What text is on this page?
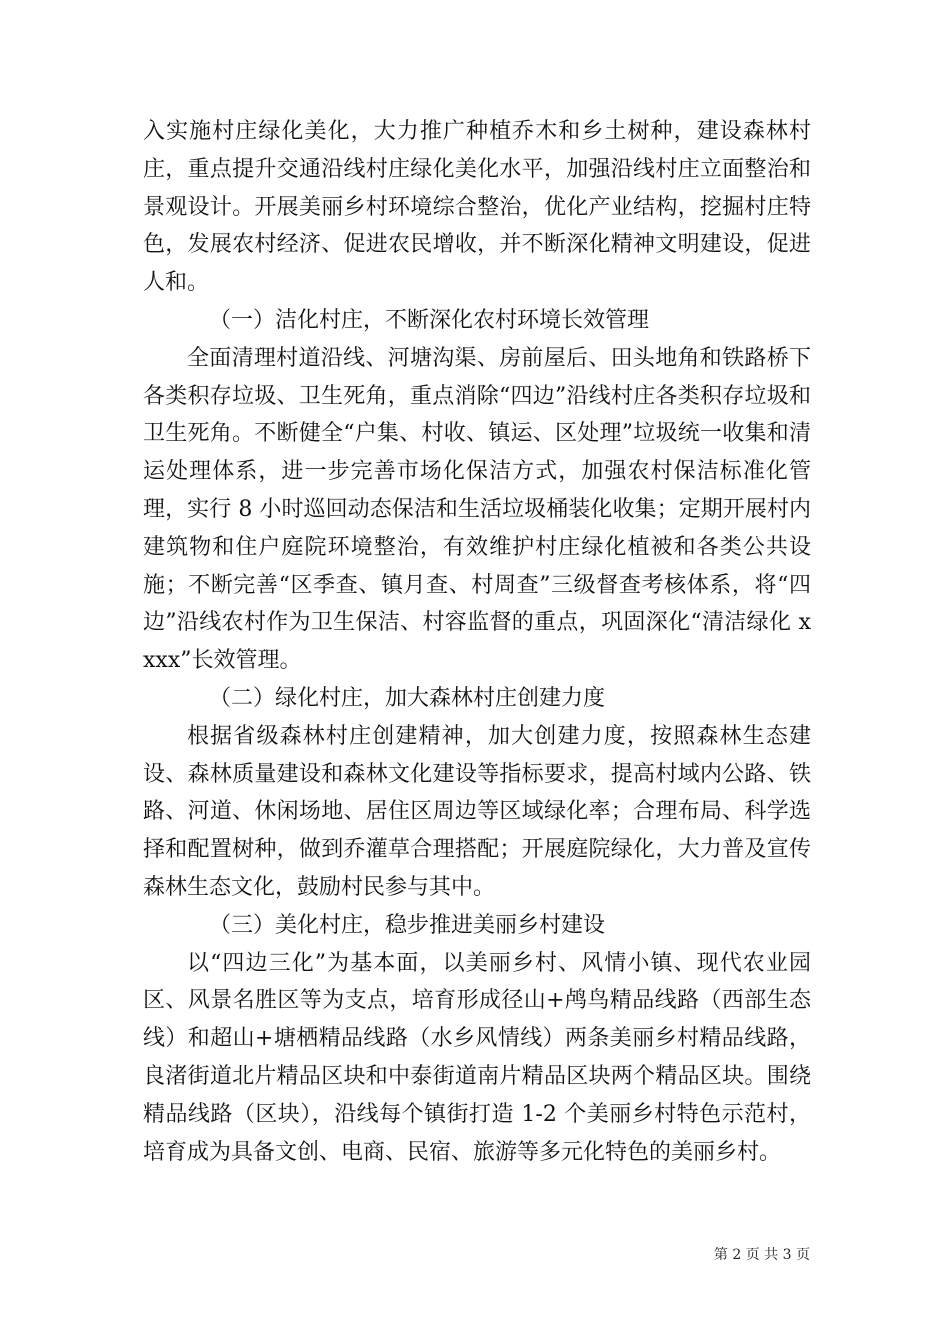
入实施村庄绿化美化，大力推广种植乔木和乡土树种，建设森林村庄，重点提升交通沿线村庄绿化美化水平，加强沿线村庄立面整治和景观设计。开展美丽乡村环境综合整治，优化产业结构，挖掘村庄特色，发展农村经济、促进农民增收，并不断深化精神文明建设，促进人和。

（一）洁化村庄，不断深化农村环境长效管理

全面清理村道沿线、河塘沟渠、房前屋后、田头地角和铁路桥下各类积存垃圾、卫生死角，重点消除“四边”沿线村庄各类积存垃圾和卫生死角。不断健全“户集、村收、镇运、区处理”垃圾统一收集和清运处理体系，进一步完善市场化保洁方式，加强农村保洁标准化管理，实行 8 小时巡回动态保洁和生活垃圾桶装化收集；定期开展村内建筑物和住户庭院环境整治，有效维护村庄绿化植被和各类公共设施；不断完善“区季查、镇月查、村周查”三级督查考核体系，将“四边”沿线农村作为卫生保洁、村容监督的重点，巩固深化“清洁绿化 xxxx”长效管理。

（二）绿化村庄，加大森林村庄创建力度

根据省级森林村庄创建精神，加大创建力度，按照森林生态建设、森林质量建设和森林文化建设等指标要求，提高村域内公路、铁路、河道、休闲场地、居住区周边等区域绿化率；合理布局、科学选择和配置树种，做到乔灌草合理搭配；开展庭院绿化，大力普及宣传森林生态文化，鼓励村民参与其中。

（三）美化村庄，稳步推进美丽乡村建设

以“四边三化”为基本面，以美丽乡村、风情小镇、现代农业园区、风景名胜区等为支点，培育形成径山+鸬鸟精品线路（西部生态线）和超山+塘栖精品线路（水乡风情线）两条美丽乡村精品线路，良渚街道北片精品区块和中泰街道南片精品区块两个精品区块。围绕精品线路（区块），沿线每个镇街打造 1-2 个美丽乡村特色示范村，培育成为具备文创、电商、民宿、旅游等多元化特色的美丽乡村。

第 2 页 共 3 页
